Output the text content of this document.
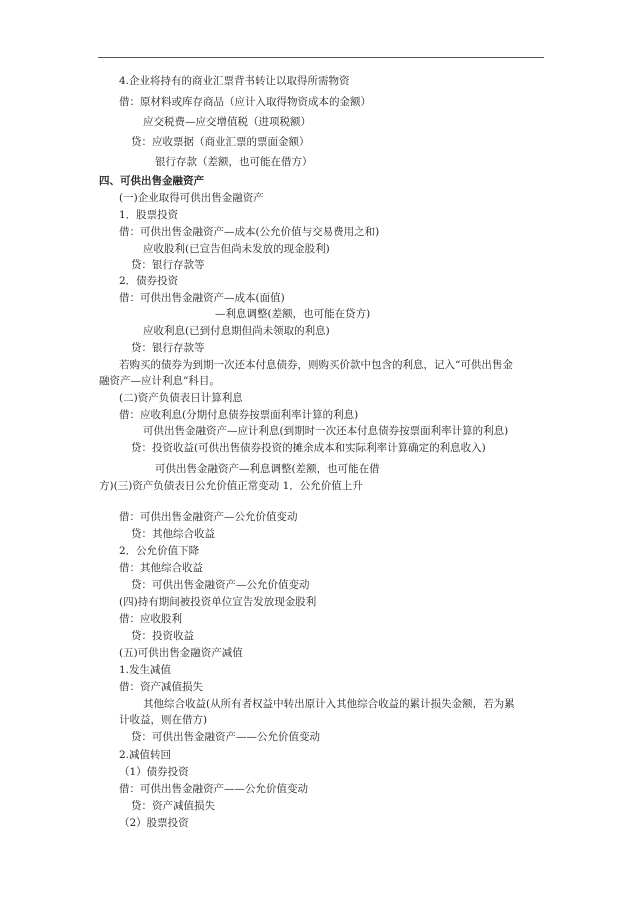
4.企业将持有的商业汇票背书转让以取得所需物资
借：原材料或库存商品（应计入取得物资成本的金额）
应交税费—应交增值税（进项税额）
贷：应收票据（商业汇票的票面金额）
银行存款（差额，也可能在借方）
四、可供出售金融资产
(一)企业取得可供出售金融资产
1．股票投资
借：可供出售金融资产—成本(公允价值与交易费用之和)
应收股利(已宣告但尚未发放的现金股利)
贷：银行存款等
2．债券投资
借：可供出售金融资产—成本(面值)
—利息调整(差额，也可能在贷方)
应收利息(已到付息期但尚未领取的利息)
贷：银行存款等
若购买的债券为到期一次还本付息债券，则购买价款中包含的利息，记入“可供出售金
融资产—应计利息”科目。
(二)资产负债表日计算利息
借：应收利息(分期付息债券按票面利率计算的利息)
可供出售金融资产—应计利息(到期时一次还本付息债券按票面利率计算的利息)
贷：投资收益(可供出售债券投资的摊余成本和实际利率计算确定的利息收入)
可供出售金融资产—利息调整(差额，也可能在借
方)(三)资产负债表日公允价值正常变动 1．公允价值上升
借：可供出售金融资产—公允价值变动
贷：其他综合收益
2．公允价值下降
借：其他综合收益
贷：可供出售金融资产—公允价值变动
(四)持有期间被投资单位宣告发放现金股利
借：应收股利
贷：投资收益
(五)可供出售金融资产减值
1.发生减值
借：资产减值损失
其他综合收益(从所有者权益中转出原计入其他综合收益的累计损失金额，若为累
计收益，则在借方)
贷：可供出售金融资产——公允价值变动
2.减值转回
（1）债券投资
借：可供出售金融资产——公允价值变动
贷：资产减值损失
（2）股票投资
